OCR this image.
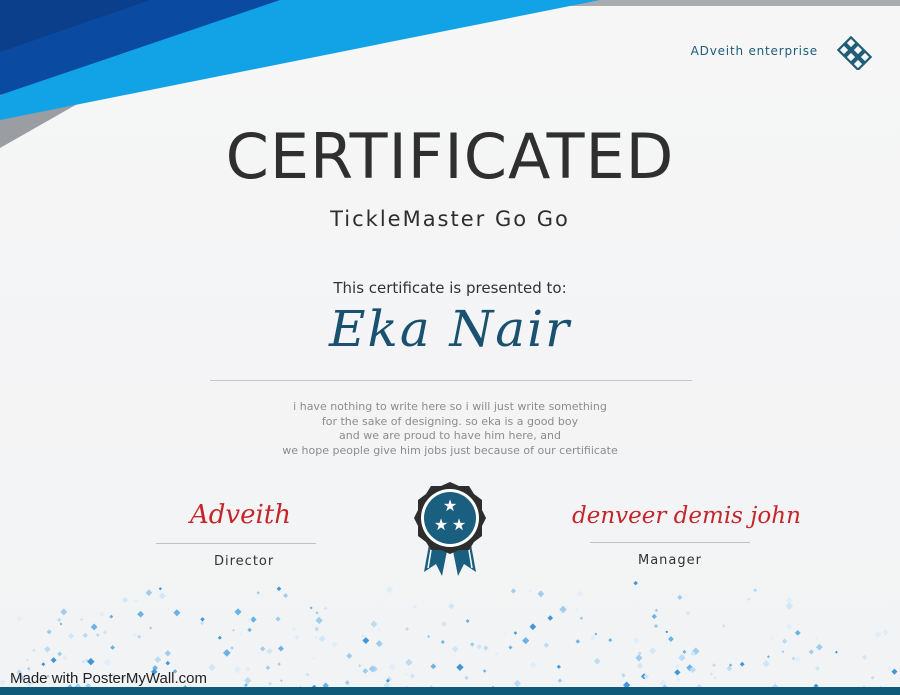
ADveith enterprise
CERTIFICATED
TickleMaster Go Go
This certificate is presented to:
Eka Nair
i have nothing to write here so i will just write something
for the sake of designing. so eka is a good boy
and we are proud to have him here, and
we hope people give him jobs just because of our certifiicate
Adveith
Director
★
★ ★	denveer demis john
Manager
Made with PosterMyWall.com
